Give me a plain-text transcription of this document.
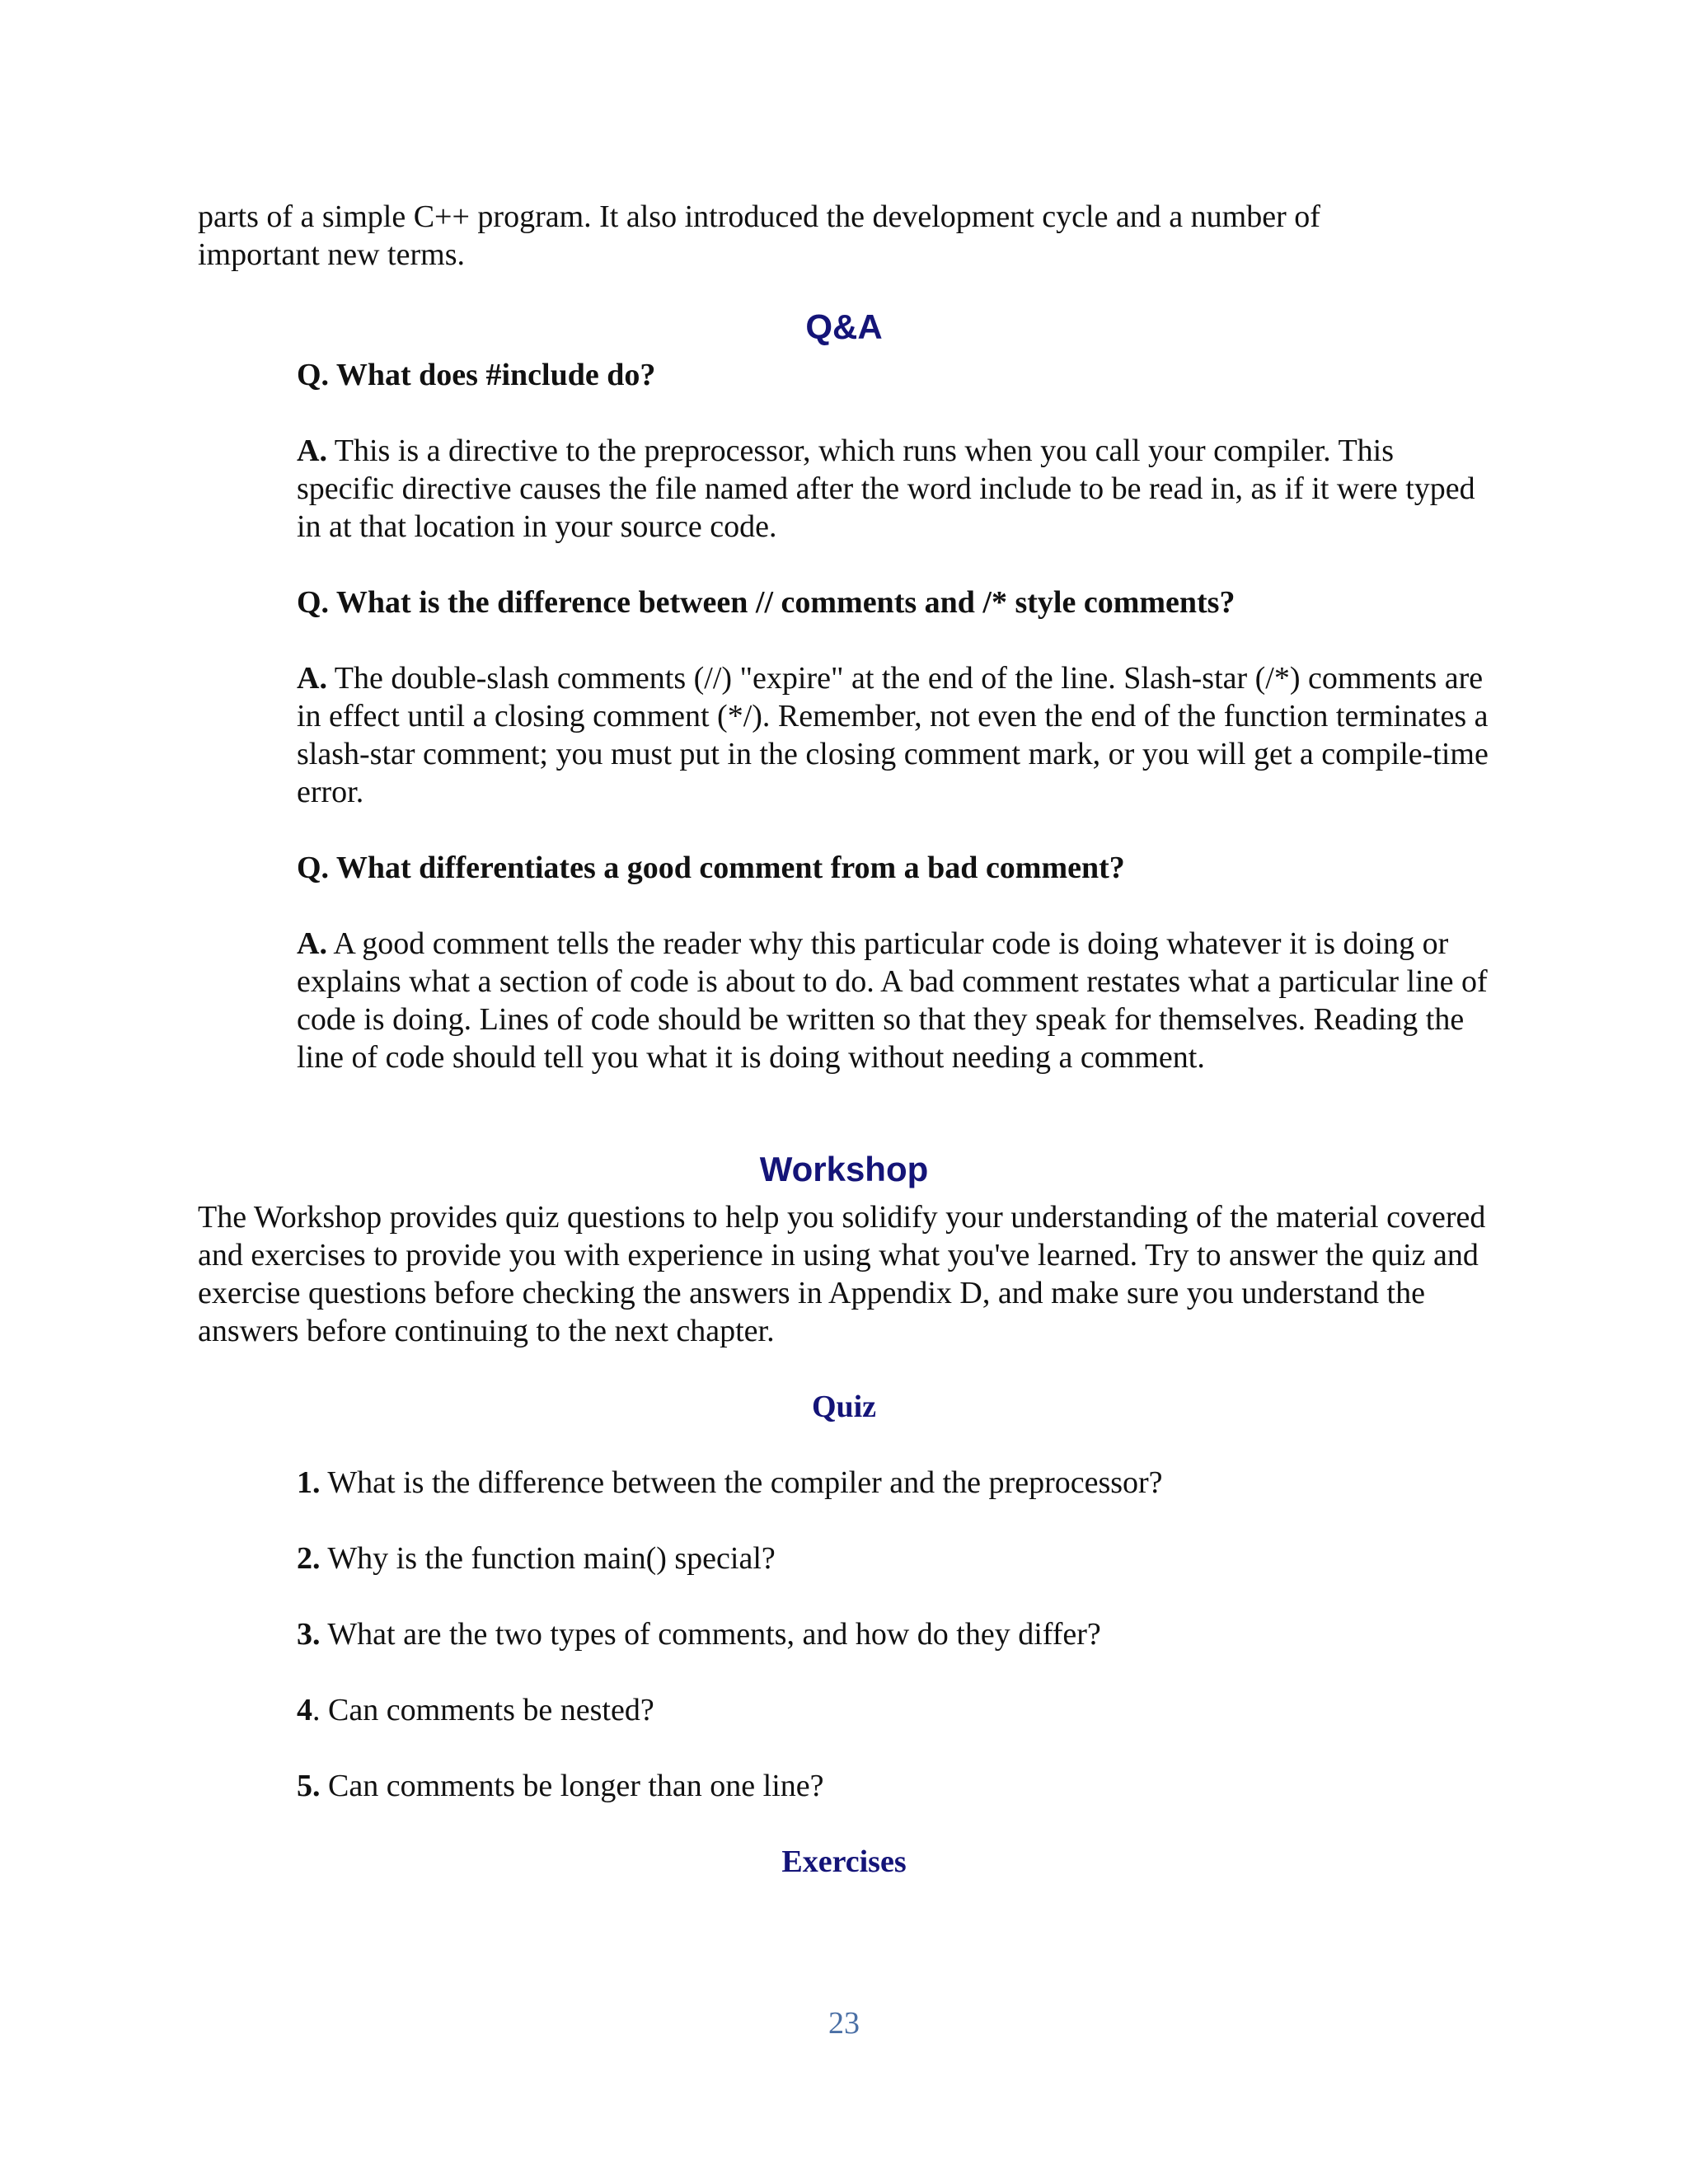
parts of a simple C++ program. It also introduced the development cycle and a number of
important new terms.

Q&A

Q. What does #include do?

A. This is a directive to the preprocessor, which runs when you call your compiler. This specific directive causes the file named after the word include to be read in, as if it were typed in at that location in your source code.

Q. What is the difference between // comments and /* style comments?

A. The double-slash comments (//) "expire" at the end of the line. Slash-star (/*) comments are in effect until a closing comment (*/). Remember, not even the end of the function terminates a slash-star comment; you must put in the closing comment mark, or you will get a compile-time error.

Q. What differentiates a good comment from a bad comment?

A. A good comment tells the reader why this particular code is doing whatever it is doing or explains what a section of code is about to do. A bad comment restates what a particular line of code is doing. Lines of code should be written so that they speak for themselves. Reading the line of code should tell you what it is doing without needing a comment.

Workshop

The Workshop provides quiz questions to help you solidify your understanding of the material covered and exercises to provide you with experience in using what you've learned. Try to answer the quiz and exercise questions before checking the answers in Appendix D, and make sure you understand the answers before continuing to the next chapter.

Quiz

1. What is the difference between the compiler and the preprocessor?

2. Why is the function main() special?

3. What are the two types of comments, and how do they differ?

4. Can comments be nested?

5. Can comments be longer than one line?

Exercises

23
